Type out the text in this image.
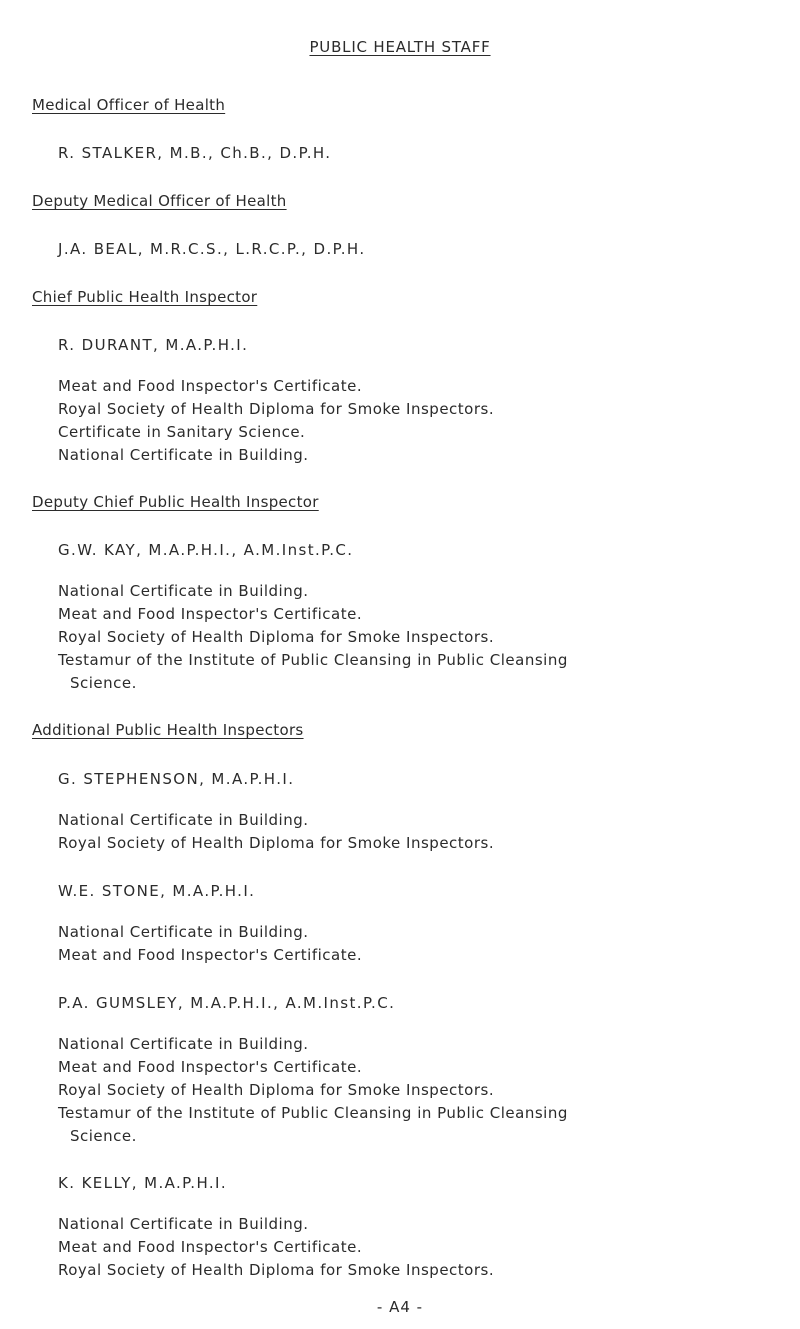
PUBLIC HEALTH STAFF
Medical Officer of Health
R. STALKER, M.B., Ch.B., D.P.H.
Deputy Medical Officer of Health
J.A. BEAL, M.R.C.S., L.R.C.P., D.P.H.
Chief Public Health Inspector
R. DURANT, M.A.P.H.I.
Meat and Food Inspector's Certificate.
Royal Society of Health Diploma for Smoke Inspectors.
Certificate in Sanitary Science.
National Certificate in Building.
Deputy Chief Public Health Inspector
G.W. KAY, M.A.P.H.I., A.M.Inst.P.C.
National Certificate in Building.
Meat and Food Inspector's Certificate.
Royal Society of Health Diploma for Smoke Inspectors.
Testamur of the Institute of Public Cleansing in Public Cleansing
Science.
Additional Public Health Inspectors
G. STEPHENSON, M.A.P.H.I.
National Certificate in Building.
Royal Society of Health Diploma for Smoke Inspectors.
W.E. STONE, M.A.P.H.I.
National Certificate in Building.
Meat and Food Inspector's Certificate.
P.A. GUMSLEY, M.A.P.H.I., A.M.Inst.P.C.
National Certificate in Building.
Meat and Food Inspector's Certificate.
Royal Society of Health Diploma for Smoke Inspectors.
Testamur of the Institute of Public Cleansing in Public Cleansing
Science.
K. KELLY, M.A.P.H.I.
National Certificate in Building.
Meat and Food Inspector's Certificate.
Royal Society of Health Diploma for Smoke Inspectors.
- A4 -
